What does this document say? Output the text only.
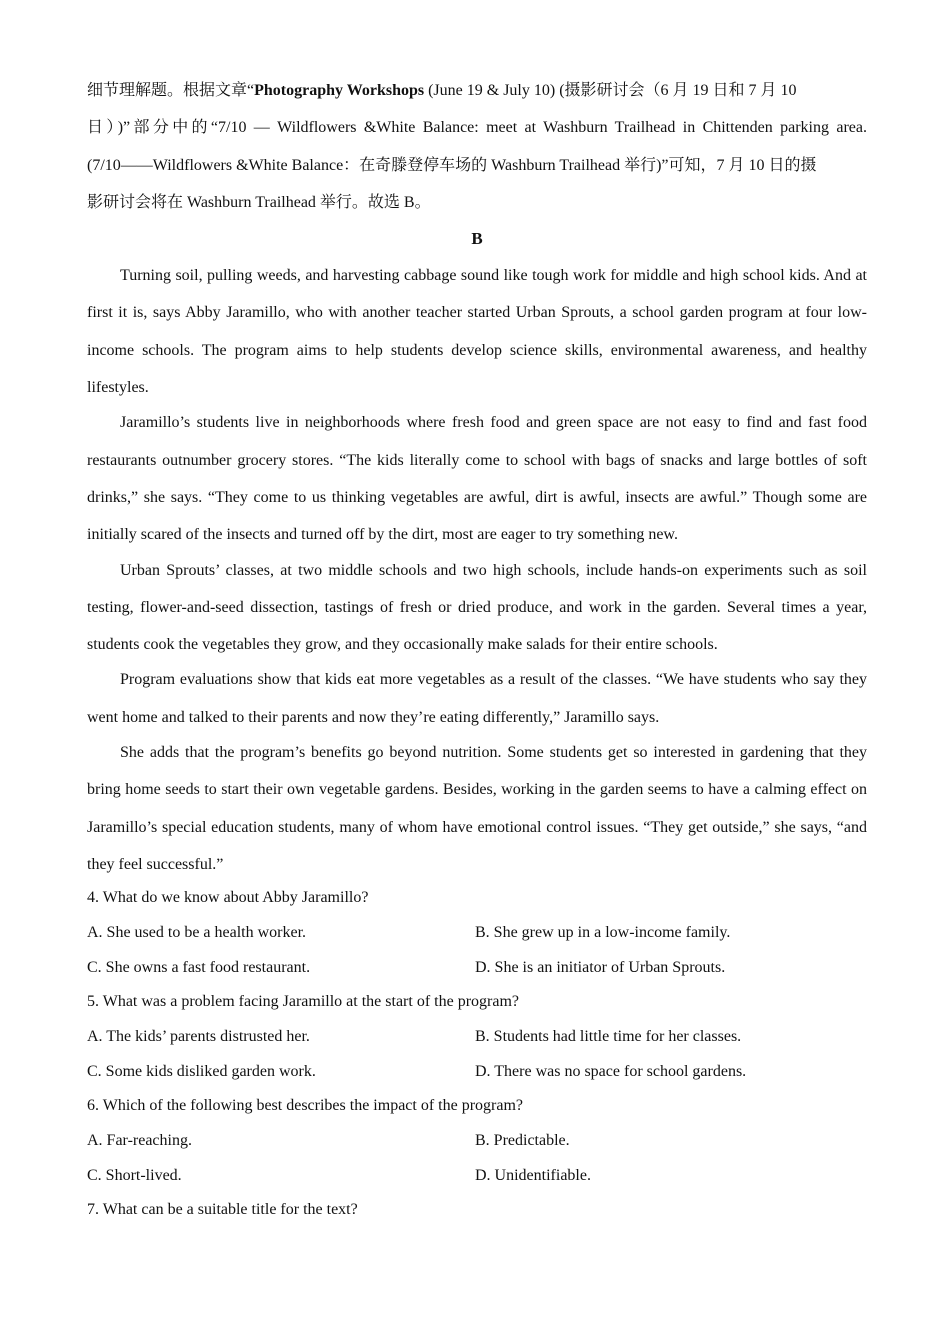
细节理解题。根据文章“Photography Workshops (June 19 & July 10) (摄影研讨会（6 月 19 日和 7 月 10
日）)”部分中的“7/10 — Wildflowers &White Balance: meet at Washburn Trailhead in Chittenden parking area.
(7/10——Wildflowers &White Balance：在奇滕登停车场的 Washburn Trailhead 举行)”可知，7 月 10 日的摄
影研讨会将在 Washburn Trailhead 举行。故选 B。
B

Turning soil, pulling weeds, and harvesting cabbage sound like tough work for middle and high school kids. And at first it is, says Abby Jaramillo, who with another teacher started Urban Sprouts, a school garden program at four low-income schools. The program aims to help students develop science skills, environmental awareness, and healthy lifestyles.

Jaramillo’s students live in neighborhoods where fresh food and green space are not easy to find and fast food restaurants outnumber grocery stores. “The kids literally come to school with bags of snacks and large bottles of soft drinks,” she says. “They come to us thinking vegetables are awful, dirt is awful, insects are awful.” Though some are initially scared of the insects and turned off by the dirt, most are eager to try something new.

Urban Sprouts’ classes, at two middle schools and two high schools, include hands-on experiments such as soil testing, flower-and-seed dissection, tastings of fresh or dried produce, and work in the garden. Several times a year, students cook the vegetables they grow, and they occasionally make salads for their entire schools.

Program evaluations show that kids eat more vegetables as a result of the classes. “We have students who say they went home and talked to their parents and now they’re eating differently,” Jaramillo says.

She adds that the program’s benefits go beyond nutrition. Some students get so interested in gardening that they bring home seeds to start their own vegetable gardens. Besides, working in the garden seems to have a calming effect on Jaramillo’s special education students, many of whom have emotional control issues. “They get outside,” she says, “and they feel successful.”

4. What do we know about Abby Jaramillo?
A. She used to be a health worker.	B. She grew up in a low-income family.
C. She owns a fast food restaurant.	D. She is an initiator of Urban Sprouts.
5. What was a problem facing Jaramillo at the start of the program?
A. The kids’ parents distrusted her.	B. Students had little time for her classes.
C. Some kids disliked garden work.	D. There was no space for school gardens.
6. Which of the following best describes the impact of the program?
A. Far-reaching.	B. Predictable.
C. Short-lived.	D. Unidentifiable.
7. What can be a suitable title for the text?
